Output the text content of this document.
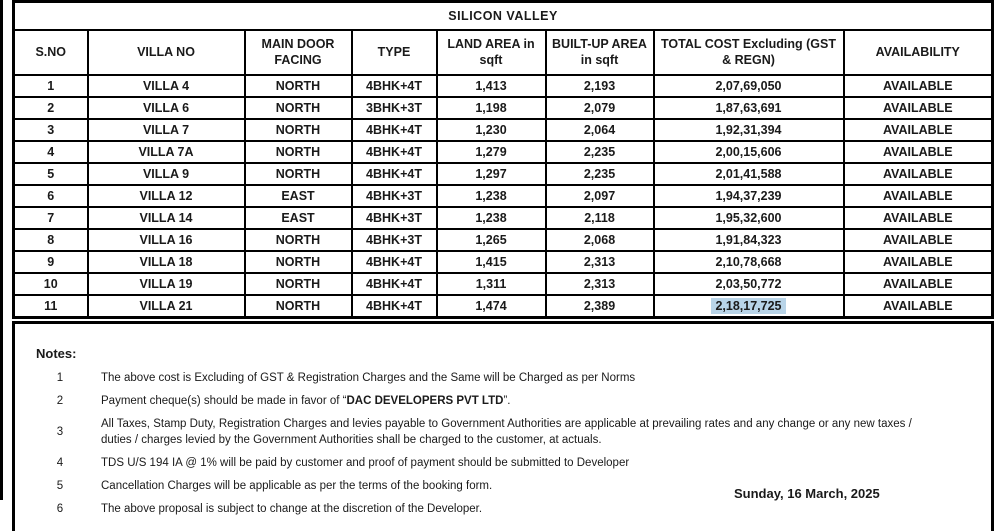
SILICON VALLEY							
S.NO	VILLA NO	MAIN DOOR FACING	TYPE	LAND AREA in sqft	BUILT-UP AREA in sqft	TOTAL COST Excluding (GST & REGN)	AVAILABILITY
1	VILLA 4	NORTH	4BHK+4T	1,413	2,193	2,07,69,050	AVAILABLE
2	VILLA 6	NORTH	3BHK+3T	1,198	2,079	1,87,63,691	AVAILABLE
3	VILLA 7	NORTH	4BHK+4T	1,230	2,064	1,92,31,394	AVAILABLE
4	VILLA 7A	NORTH	4BHK+4T	1,279	2,235	2,00,15,606	AVAILABLE
5	VILLA 9	NORTH	4BHK+4T	1,297	2,235	2,01,41,588	AVAILABLE
6	VILLA 12	EAST	4BHK+3T	1,238	2,097	1,94,37,239	AVAILABLE
7	VILLA 14	EAST	4BHK+3T	1,238	2,118	1,95,32,600	AVAILABLE
8	VILLA 16	NORTH	4BHK+3T	1,265	2,068	1,91,84,323	AVAILABLE
9	VILLA 18	NORTH	4BHK+4T	1,415	2,313	2,10,78,668	AVAILABLE
10	VILLA 19	NORTH	4BHK+4T	1,311	2,313	2,03,50,772	AVAILABLE
11	VILLA 21	NORTH	4BHK+4T	1,474	2,389	2,18,17,725	AVAILABLE
Notes:
1	The above cost is Excluding of GST & Registration Charges and the Same will be Charged as per Norms
2	Payment cheque(s) should be made in favor of “DAC DEVELOPERS PVT LTD”.
3
All Taxes, Stamp Duty, Registration Charges and levies payable to Government Authorities are applicable at prevailing rates and any change or any new taxes / duties / charges levied by the Government Authorities shall be charged to the customer, at actuals.
4	TDS U/S 194 IA @ 1% will be paid by customer and proof of payment should be submitted to Developer
5	Cancellation Charges will be applicable as per the terms of the booking form.
6	The above proposal is subject to change at the discretion of the Developer.
Sunday, 16 March, 2025
